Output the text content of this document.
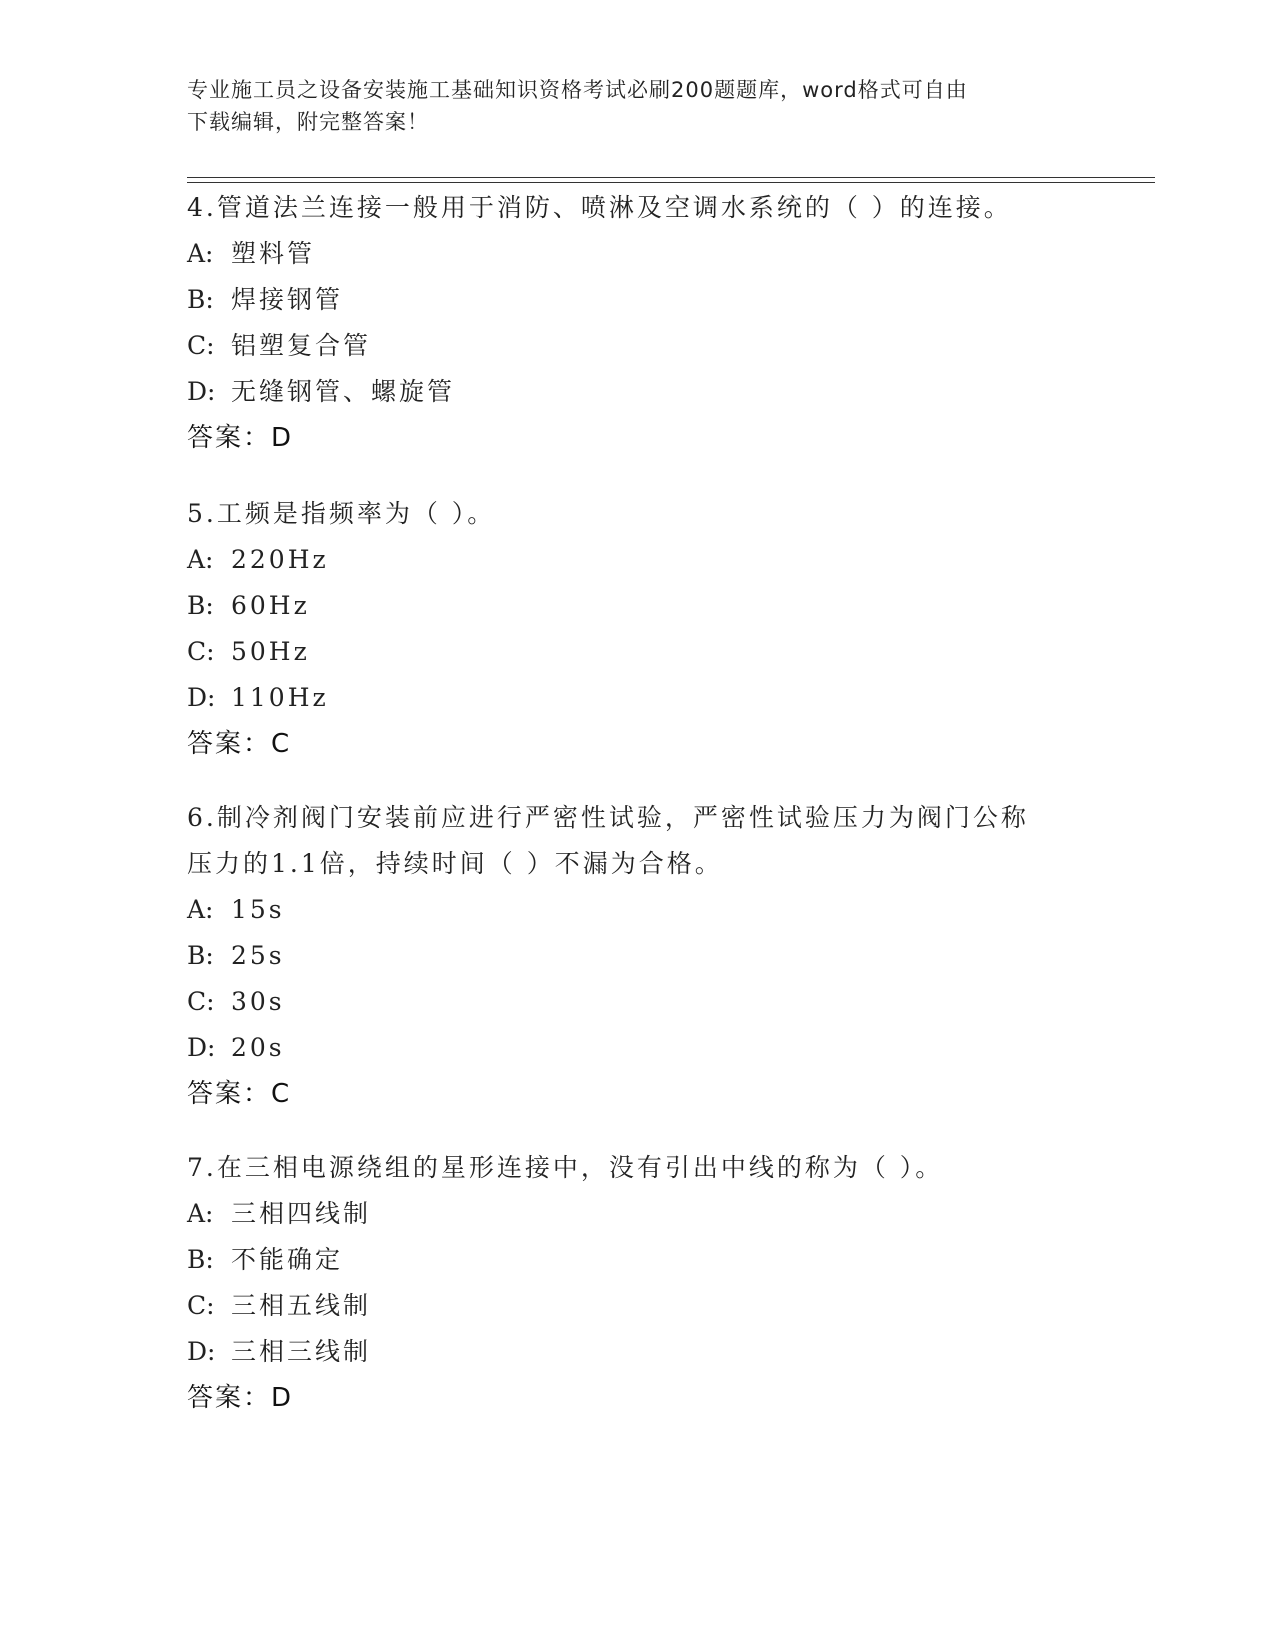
专业施工员之设备安装施工基础知识资格考试必刷200题题库，word格式可自由
下载编辑，附完整答案！

4.管道法兰连接一般用于消防、喷淋及空调水系统的（ ）的连接。

A: 塑料管

B: 焊接钢管

C: 铝塑复合管

D: 无缝钢管、螺旋管

答案：D

5.工频是指频率为（ ）。

A: 220Hz

B: 60Hz

C: 50Hz

D: 110Hz

答案：C

6.制冷剂阀门安装前应进行严密性试验，严密性试验压力为阀门公称

压力的1.1倍，持续时间（ ）不漏为合格。

A: 15s

B: 25s

C: 30s

D: 20s

答案：C

7.在三相电源绕组的星形连接中，没有引出中线的称为（ ）。

A: 三相四线制

B: 不能确定

C: 三相五线制

D: 三相三线制

答案：D
